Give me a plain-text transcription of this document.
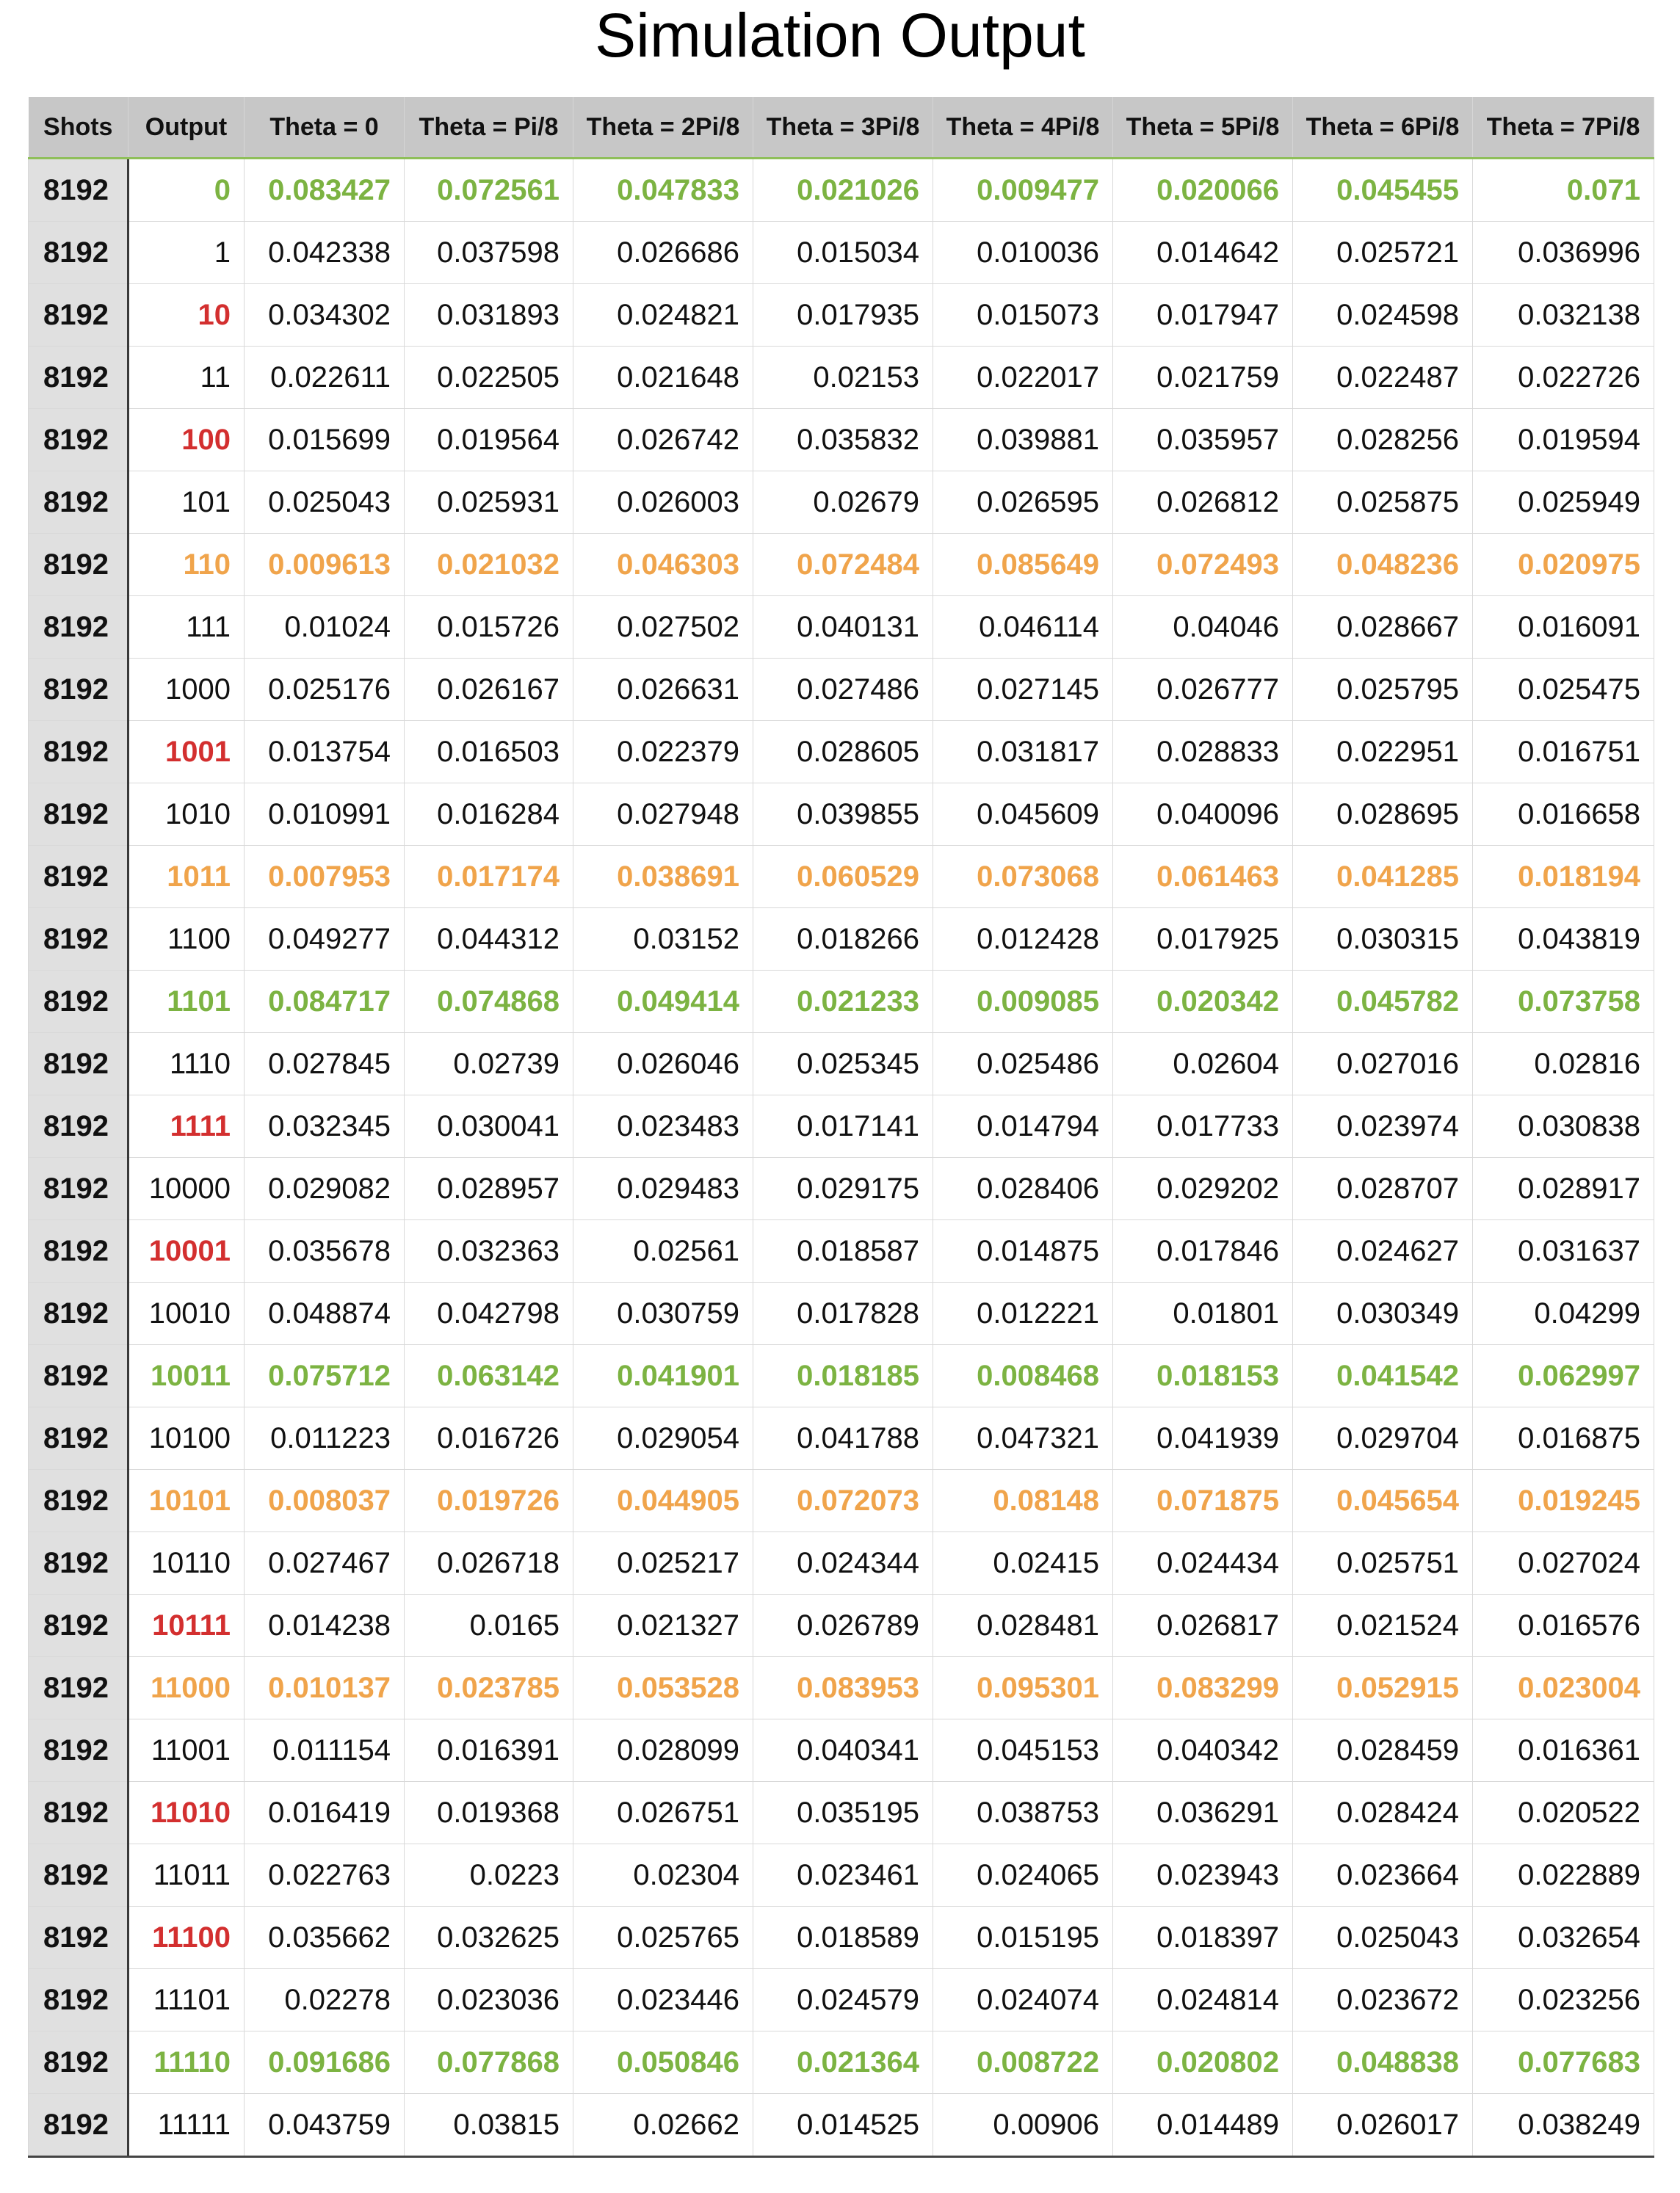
Simulation Output
Shots	Output	Theta = 0	Theta = Pi/8	Theta = 2Pi/8	Theta = 3Pi/8	Theta = 4Pi/8	Theta = 5Pi/8	Theta = 6Pi/8	Theta = 7Pi/8
8192	0	0.083427	0.072561	0.047833	0.021026	0.009477	0.020066	0.045455	0.071
8192	1	0.042338	0.037598	0.026686	0.015034	0.010036	0.014642	0.025721	0.036996
8192	10	0.034302	0.031893	0.024821	0.017935	0.015073	0.017947	0.024598	0.032138
8192	11	0.022611	0.022505	0.021648	0.02153	0.022017	0.021759	0.022487	0.022726
8192	100	0.015699	0.019564	0.026742	0.035832	0.039881	0.035957	0.028256	0.019594
8192	101	0.025043	0.025931	0.026003	0.02679	0.026595	0.026812	0.025875	0.025949
8192	110	0.009613	0.021032	0.046303	0.072484	0.085649	0.072493	0.048236	0.020975
8192	111	0.01024	0.015726	0.027502	0.040131	0.046114	0.04046	0.028667	0.016091
8192	1000	0.025176	0.026167	0.026631	0.027486	0.027145	0.026777	0.025795	0.025475
8192	1001	0.013754	0.016503	0.022379	0.028605	0.031817	0.028833	0.022951	0.016751
8192	1010	0.010991	0.016284	0.027948	0.039855	0.045609	0.040096	0.028695	0.016658
8192	1011	0.007953	0.017174	0.038691	0.060529	0.073068	0.061463	0.041285	0.018194
8192	1100	0.049277	0.044312	0.03152	0.018266	0.012428	0.017925	0.030315	0.043819
8192	1101	0.084717	0.074868	0.049414	0.021233	0.009085	0.020342	0.045782	0.073758
8192	1110	0.027845	0.02739	0.026046	0.025345	0.025486	0.02604	0.027016	0.02816
8192	1111	0.032345	0.030041	0.023483	0.017141	0.014794	0.017733	0.023974	0.030838
8192	10000	0.029082	0.028957	0.029483	0.029175	0.028406	0.029202	0.028707	0.028917
8192	10001	0.035678	0.032363	0.02561	0.018587	0.014875	0.017846	0.024627	0.031637
8192	10010	0.048874	0.042798	0.030759	0.017828	0.012221	0.01801	0.030349	0.04299
8192	10011	0.075712	0.063142	0.041901	0.018185	0.008468	0.018153	0.041542	0.062997
8192	10100	0.011223	0.016726	0.029054	0.041788	0.047321	0.041939	0.029704	0.016875
8192	10101	0.008037	0.019726	0.044905	0.072073	0.08148	0.071875	0.045654	0.019245
8192	10110	0.027467	0.026718	0.025217	0.024344	0.02415	0.024434	0.025751	0.027024
8192	10111	0.014238	0.0165	0.021327	0.026789	0.028481	0.026817	0.021524	0.016576
8192	11000	0.010137	0.023785	0.053528	0.083953	0.095301	0.083299	0.052915	0.023004
8192	11001	0.011154	0.016391	0.028099	0.040341	0.045153	0.040342	0.028459	0.016361
8192	11010	0.016419	0.019368	0.026751	0.035195	0.038753	0.036291	0.028424	0.020522
8192	11011	0.022763	0.0223	0.02304	0.023461	0.024065	0.023943	0.023664	0.022889
8192	11100	0.035662	0.032625	0.025765	0.018589	0.015195	0.018397	0.025043	0.032654
8192	11101	0.02278	0.023036	0.023446	0.024579	0.024074	0.024814	0.023672	0.023256
8192	11110	0.091686	0.077868	0.050846	0.021364	0.008722	0.020802	0.048838	0.077683
8192	11111	0.043759	0.03815	0.02662	0.014525	0.00906	0.014489	0.026017	0.038249
